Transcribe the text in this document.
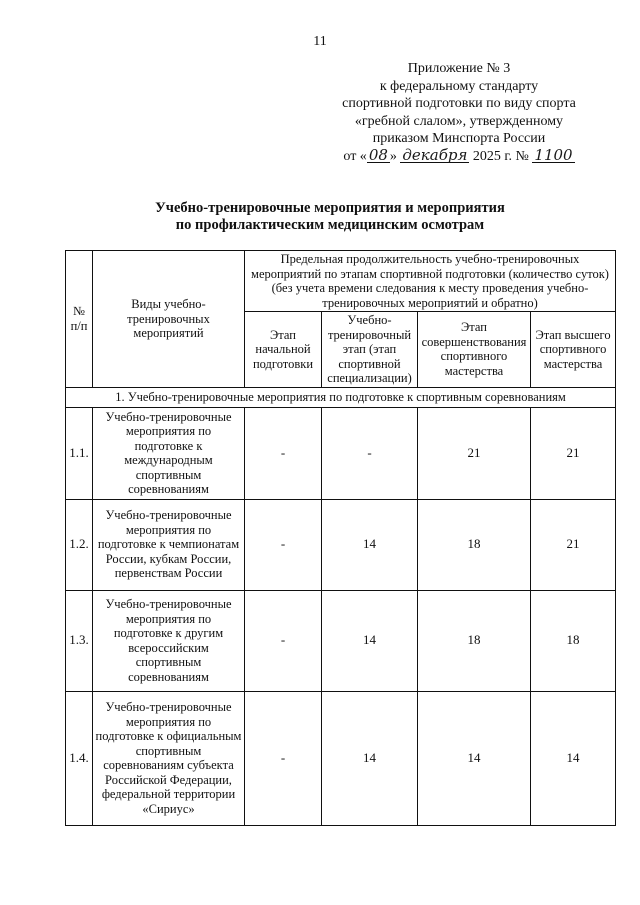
11
Приложение № 3
к федеральному стандарту
спортивной подготовки по виду спорта
«гребной слалом», утвержденному
приказом Минспорта России
от « 08 » декабря 2025 г. № 1100
Учебно-тренировочные мероприятия и мероприятия
по профилактическим медицинским осмотрам
№ п/п	Виды учебно-тренировочных мероприятий	Предельная продолжительность учебно-тренировочных мероприятий по этапам спортивной подготовки (количество суток) (без учета времени следования к месту проведения учебно-тренировочных мероприятий и обратно)			
		Этап начальной подготовки	Учебно-тренировочный этап (этап спортивной специализации)	Этап совершенствования спортивного мастерства	Этап высшего спортивного мастерства
1. Учебно-тренировочные мероприятия по подготовке к спортивным соревнованиям					
1.1.	Учебно-тренировочные мероприятия по подготовке к международным спортивным соревнованиям	-	-	21	21
1.2.	Учебно-тренировочные мероприятия по подготовке к чемпионатам России, кубкам России, первенствам России	-	14	18	21
1.3.	Учебно-тренировочные мероприятия по подготовке к другим всероссийским спортивным соревнованиям	-	14	18	18
1.4.	Учебно-тренировочные мероприятия по подготовке к официальным спортивным соревнованиям субъекта Российской Федерации, федеральной территории «Сириус»	-	14	14	14
